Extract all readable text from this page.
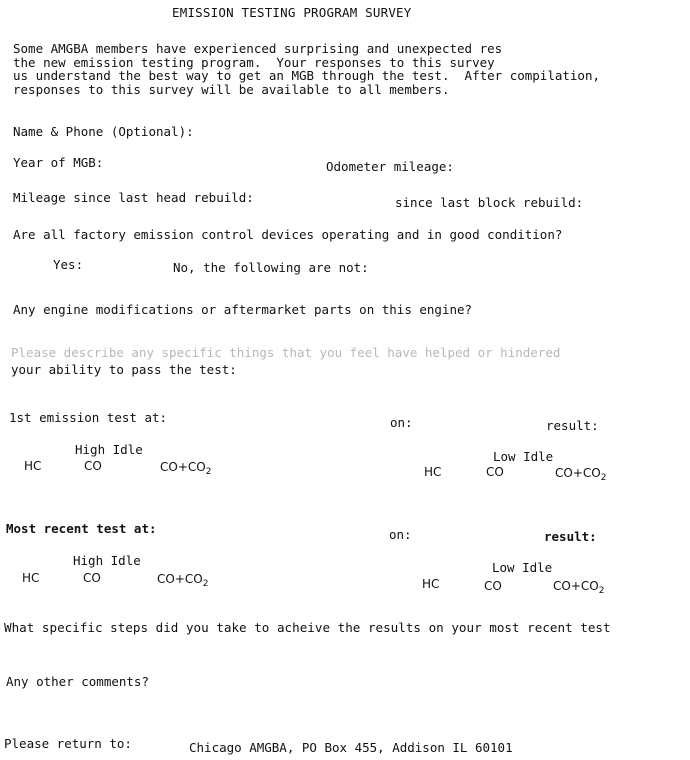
EMISSION TESTING PROGRAM SURVEY
Some AMGBA members have experienced surprising and unexpected res
the new emission testing program.  Your responses to this survey
us understand the best way to get an MGB through the test.  After compilation,
responses to this survey will be available to all members.
Name & Phone (Optional):
Year of MGB:	Odometer mileage:
Mileage since last head rebuild:	since last block rebuild:
Are all factory emission control devices operating and in good condition?
Yes:	No, the following are not:
Any engine modifications or aftermarket parts on this engine?
Please describe any specific things that you feel have helped or hindered
your ability to pass the test:
1st emission test at:	on:	result:
High Idle
HC	CO	$CO+CO_2$
Low Idle
HC	CO	$CO+CO_2$
Most recent test at:	on:	result:
High Idle
HC	CO	$CO+CO_2$
Low Idle
HC	CO	$CO+CO_2$
What specific steps did you take to acheive the results on your most recent test
Any other comments?
Please return to:	Chicago AMGBA, PO Box 455, Addison IL 60101
